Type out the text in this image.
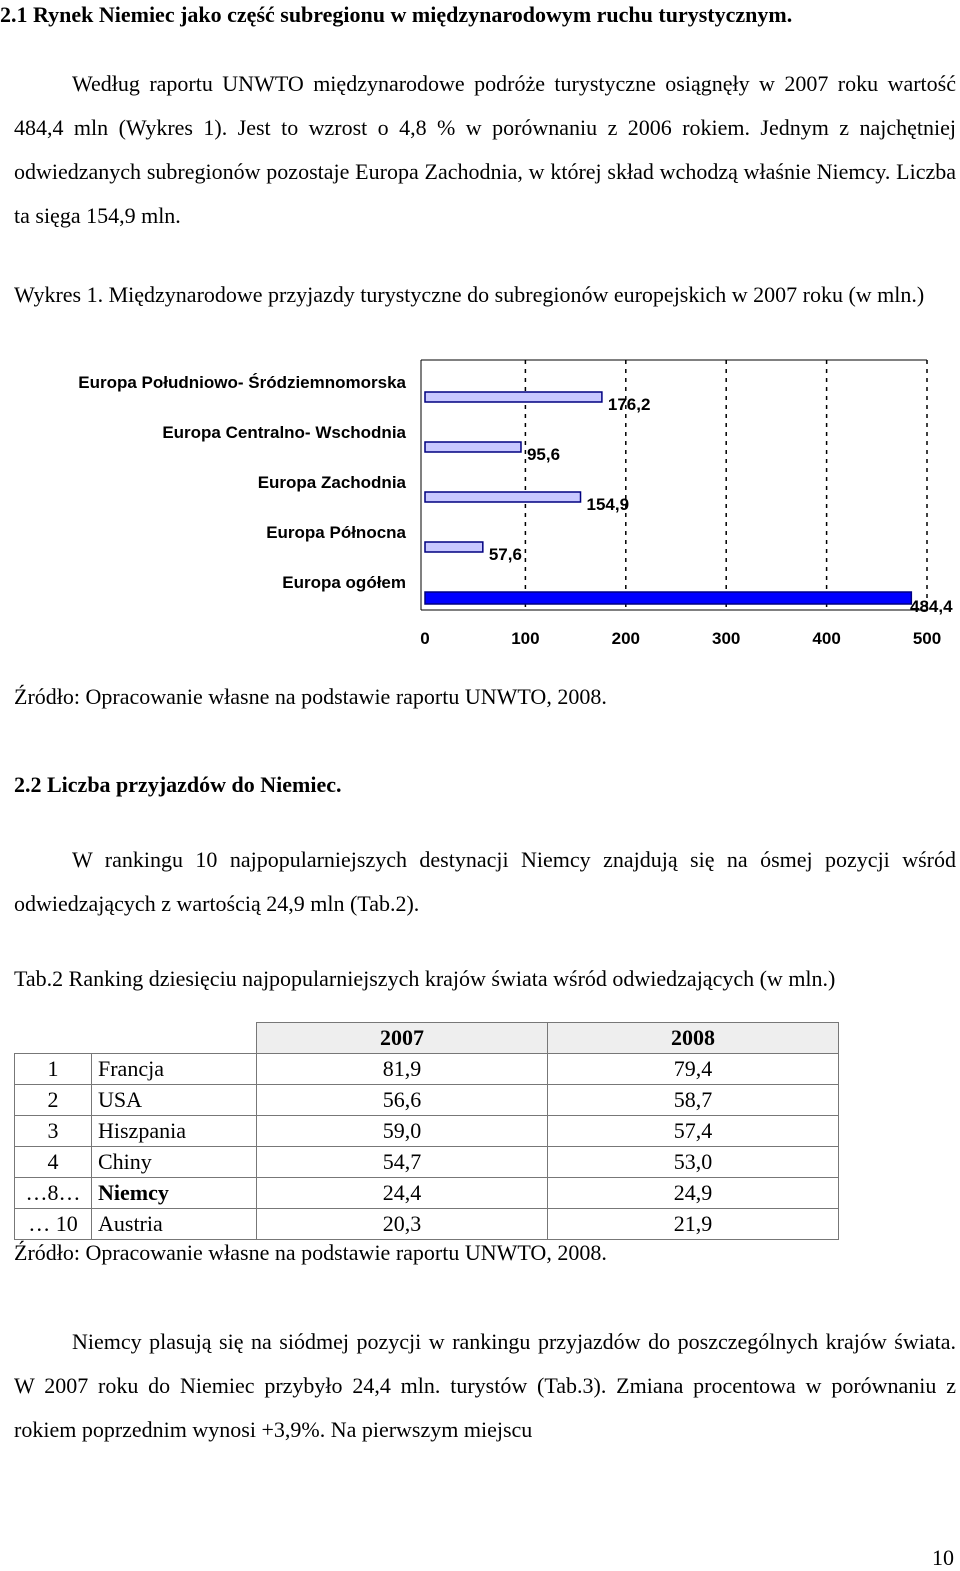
2.1 Rynek Niemiec jako część subregionu w międzynarodowym ruchu turystycznym.
Według raportu UNWTO międzynarodowe podróże turystyczne osiągnęły w 2007 roku wartość 484,4 mln (Wykres 1). Jest to wzrost o 4,8 % w porównaniu z 2006 rokiem. Jednym z najchętniej odwiedzanych subregionów pozostaje Europa Zachodnia, w której skład wchodzą właśnie Niemcy. Liczba ta sięga 154,9 mln.
Wykres 1. Międzynarodowe przyjazdy turystyczne do subregionów europejskich w 2007 roku (w mln.)
0	100	200	300	400	500
Europa Południowo- Śródziemnomorska
176,2
Europa Centralno- Wschodnia
95,6
Europa Zachodnia
154,9
Europa Północna
57,6
Europa ogółem
484,4
Źródło: Opracowanie własne na podstawie raportu UNWTO, 2008.
2.2 Liczba przyjazdów do Niemiec.
W rankingu 10 najpopularniejszych destynacji Niemcy znajdują się na ósmej pozycji wśród odwiedzających z wartością 24,9 mln (Tab.2).
Tab.2 Ranking dziesięciu najpopularniejszych krajów świata wśród odwiedzających (w mln.)
		2007	2008
1	Francja	81,9	79,4
2	USA	56,6	58,7
3	Hiszpania	59,0	57,4
4	Chiny	54,7	53,0
…8…	Niemcy	24,4	24,9
… 10	Austria	20,3	21,9
Źródło: Opracowanie własne na podstawie raportu UNWTO, 2008.
Niemcy plasują się na siódmej pozycji w rankingu przyjazdów do poszczególnych krajów świata. W 2007 roku do Niemiec przybyło 24,4 mln. turystów (Tab.3). Zmiana procentowa w porównaniu z rokiem poprzednim wynosi +3,9%. Na pierwszym miejscu
10
